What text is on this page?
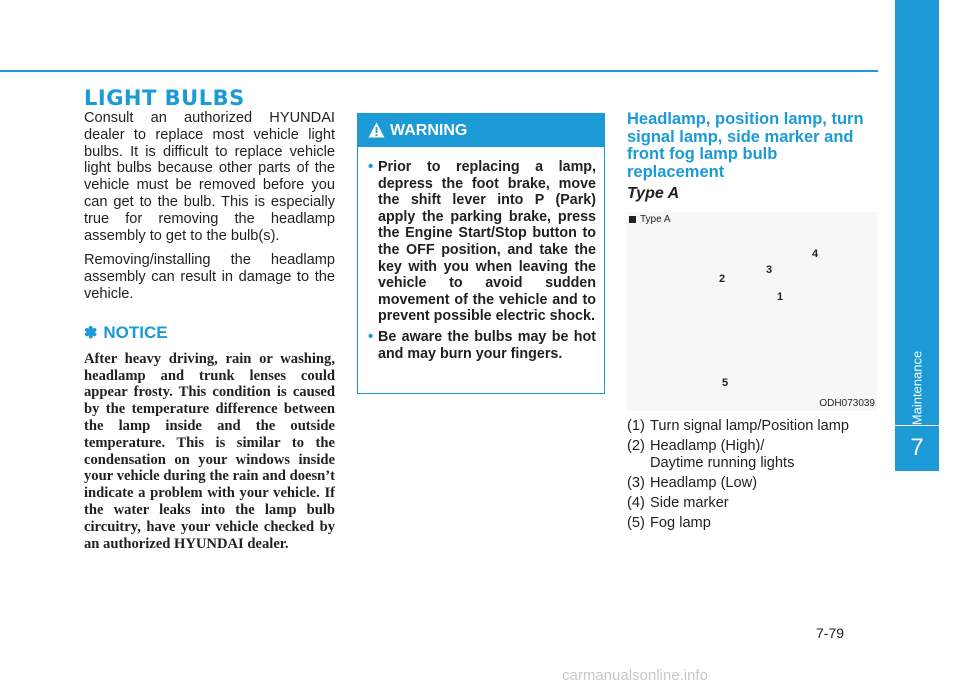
LIGHT BULBS

Consult an authorized HYUNDAI dealer to replace most vehicle light bulbs. It is difficult to replace vehicle light bulbs because other parts of the vehicle must be removed before you can get to the bulb. This is especially true for removing the headlamp assembly to get to the bulb(s).

Removing/installing the headlamp assembly can result in damage to the vehicle.

✽ NOTICE

After heavy driving, rain or washing, headlamp and trunk lenses could appear frosty. This condition is caused by the temperature difference between the lamp inside and the outside temperature. This is similar to the condensation on your windows inside your vehicle during the rain and doesn’t indicate a problem with your vehicle. If the water leaks into the lamp bulb circuitry, have your vehicle checked by an authorized HYUNDAI dealer.

WARNING
• Prior to replacing a lamp, depress the foot brake, move the shift lever into P (Park) apply the parking brake, press the Engine Start/Stop button to the OFF position, and take the key with you when leaving the vehicle to avoid sudden movement of the vehicle and to prevent possible electric shock.
• Be aware the bulbs may be hot and may burn your fingers.
Headlamp, position lamp, turn signal lamp, side marker and front fog lamp bulb replacement

Type A

Type A
1
2
3
4
5
ODH073039
(1) Turn signal lamp/Position lamp
(2) Headlamp (High)/
Daytime running lights
(3) Headlamp (Low)
(4) Side marker
(5) Fog lamp
Maintenance
7
7-79
carmanualsonline.info
